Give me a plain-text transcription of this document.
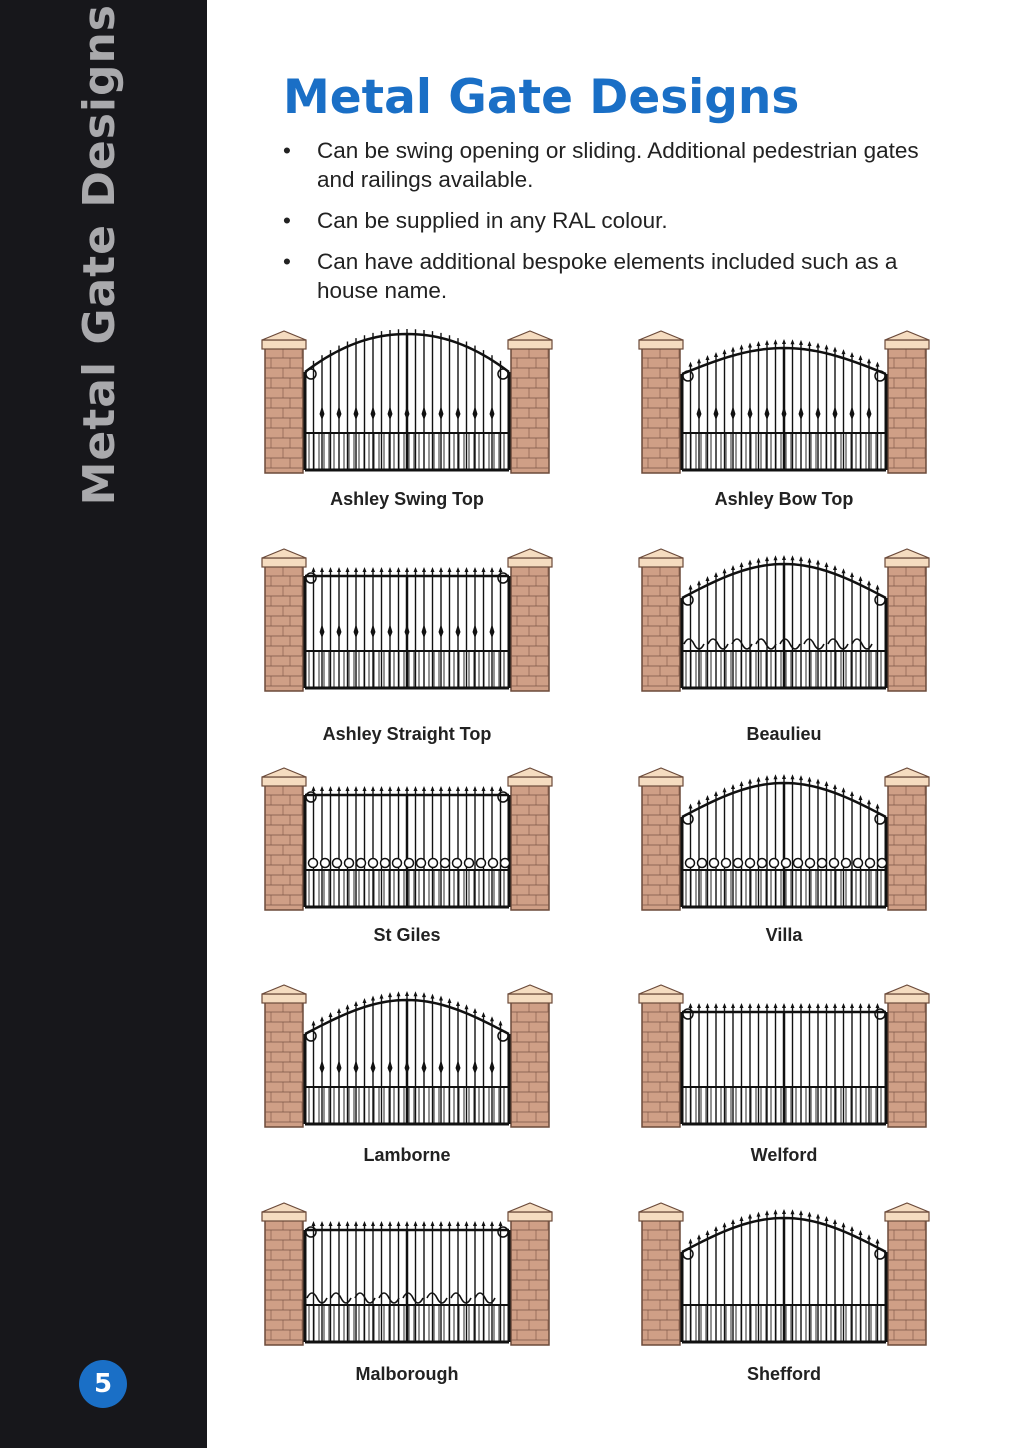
Metal Gate Designs
5
Metal Gate Designs
• Can be swing opening or sliding. Additional pedestrian gates and railings available.
• Can be supplied in any RAL colour.
• Can have additional bespoke elements included such as a house name.
Ashley Swing Top	Ashley Bow Top
Ashley Straight Top	Beaulieu
St Giles	Villa
Lamborne	Welford
Malborough	Shefford
